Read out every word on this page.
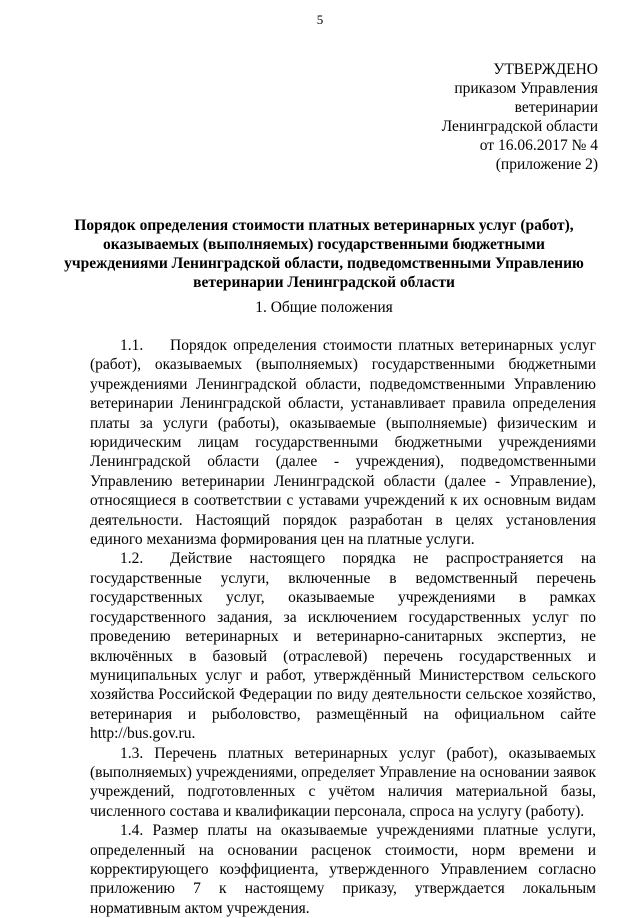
5
УТВЕРЖДЕНО
приказом Управления
ветеринарии
Ленинградской области
от 16.06.2017 № 4
(приложение 2)
Порядок определения стоимости платных ветеринарных услуг (работ), оказываемых (выполняемых) государственными бюджетными учреждениями Ленинградской области, подведомственными Управлению ветеринарии Ленинградской области
1. Общие положения

1.1. Порядок определения стоимости платных ветеринарных услуг (работ), оказываемых (выполняемых) государственными бюджетными учреждениями Ленинградской области, подведомственными Управлению ветеринарии Ленинградской области, устанавливает правила определения платы за услуги (работы), оказываемые (выполняемые) физическим и юридическим лицам государственными бюджетными учреждениями Ленинградской области (далее - учреждения), подведомственными Управлению ветеринарии Ленинградской области (далее - Управление), относящиеся в соответствии с уставами учреждений к их основным видам деятельности. Настоящий порядок разработан в целях установления единого механизма формирования цен на платные услуги.

1.2. Действие настоящего порядка не распространяется на государственные услуги, включенные в ведомственный перечень государственных услуг, оказываемые учреждениями в рамках государственного задания, за исключением государственных услуг по проведению ветеринарных и ветеринарно-санитарных экспертиз, не включённых в базовый (отраслевой) перечень государственных и муниципальных услуг и работ, утверждённый Министерством сельского хозяйства Российской Федерации по виду деятельности сельское хозяйство, ветеринария и рыболовство, размещённый на официальном сайте http://bus.gov.ru.

1.3. Перечень платных ветеринарных услуг (работ), оказываемых (выполняемых) учреждениями, определяет Управление на основании заявок учреждений, подготовленных с учётом наличия материальной базы, численного состава и квалификации персонала, спроса на услугу (работу).

1.4. Размер платы на оказываемые учреждениями платные услуги, определенный на основании расценок стоимости, норм времени и корректирующего коэффициента, утвержденного Управлением согласно приложению 7 к настоящему приказу, утверждается локальным нормативным актом учреждения.
